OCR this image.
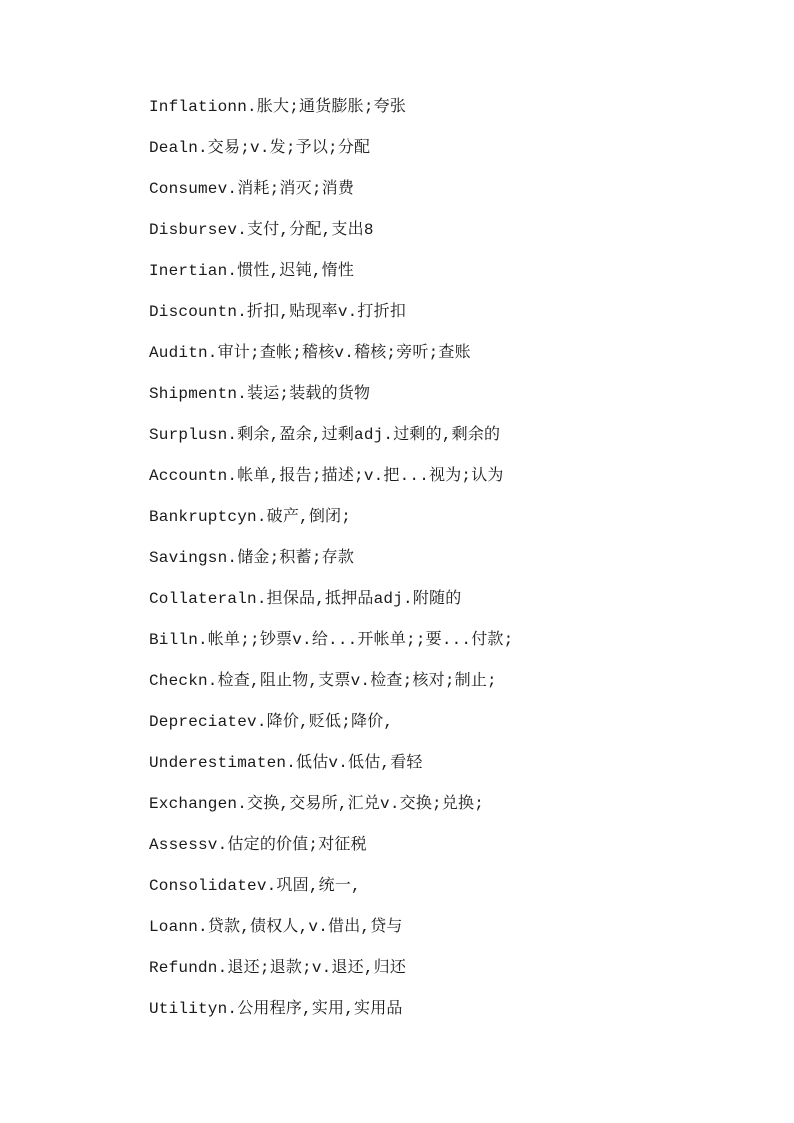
Inflationn.胀大;通货膨胀;夸张
Dealn.交易;v.发;予以;分配
Consumev.消耗;消灭;消费
Disbursev.支付,分配,支出8
Inertian.惯性,迟钝,惰性
Discountn.折扣,贴现率v.打折扣
Auditn.审计;查帐;稽核v.稽核;旁听;查账
Shipmentn.装运;装载的货物
Surplusn.剩余,盈余,过剩adj.过剩的,剩余的
Accountn.帐单,报告;描述;v.把...视为;认为
Bankruptcyn.破产,倒闭;
Savingsn.储金;积蓄;存款
Collateraln.担保品,抵押品adj.附随的
Billn.帐单;;钞票v.给...开帐单;;要...付款;
Checkn.检查,阻止物,支票v.检查;核对;制止;
Depreciatev.降价,贬低;降价,
Underestimaten.低估v.低估,看轻
Exchangen.交换,交易所,汇兑v.交换;兑换;
Assessv.估定的价值;对征税
Consolidatev.巩固,统一,
Loann.贷款,债权人,v.借出,贷与
Refundn.退还;退款;v.退还,归还
Utilityn.公用程序,实用,实用品
